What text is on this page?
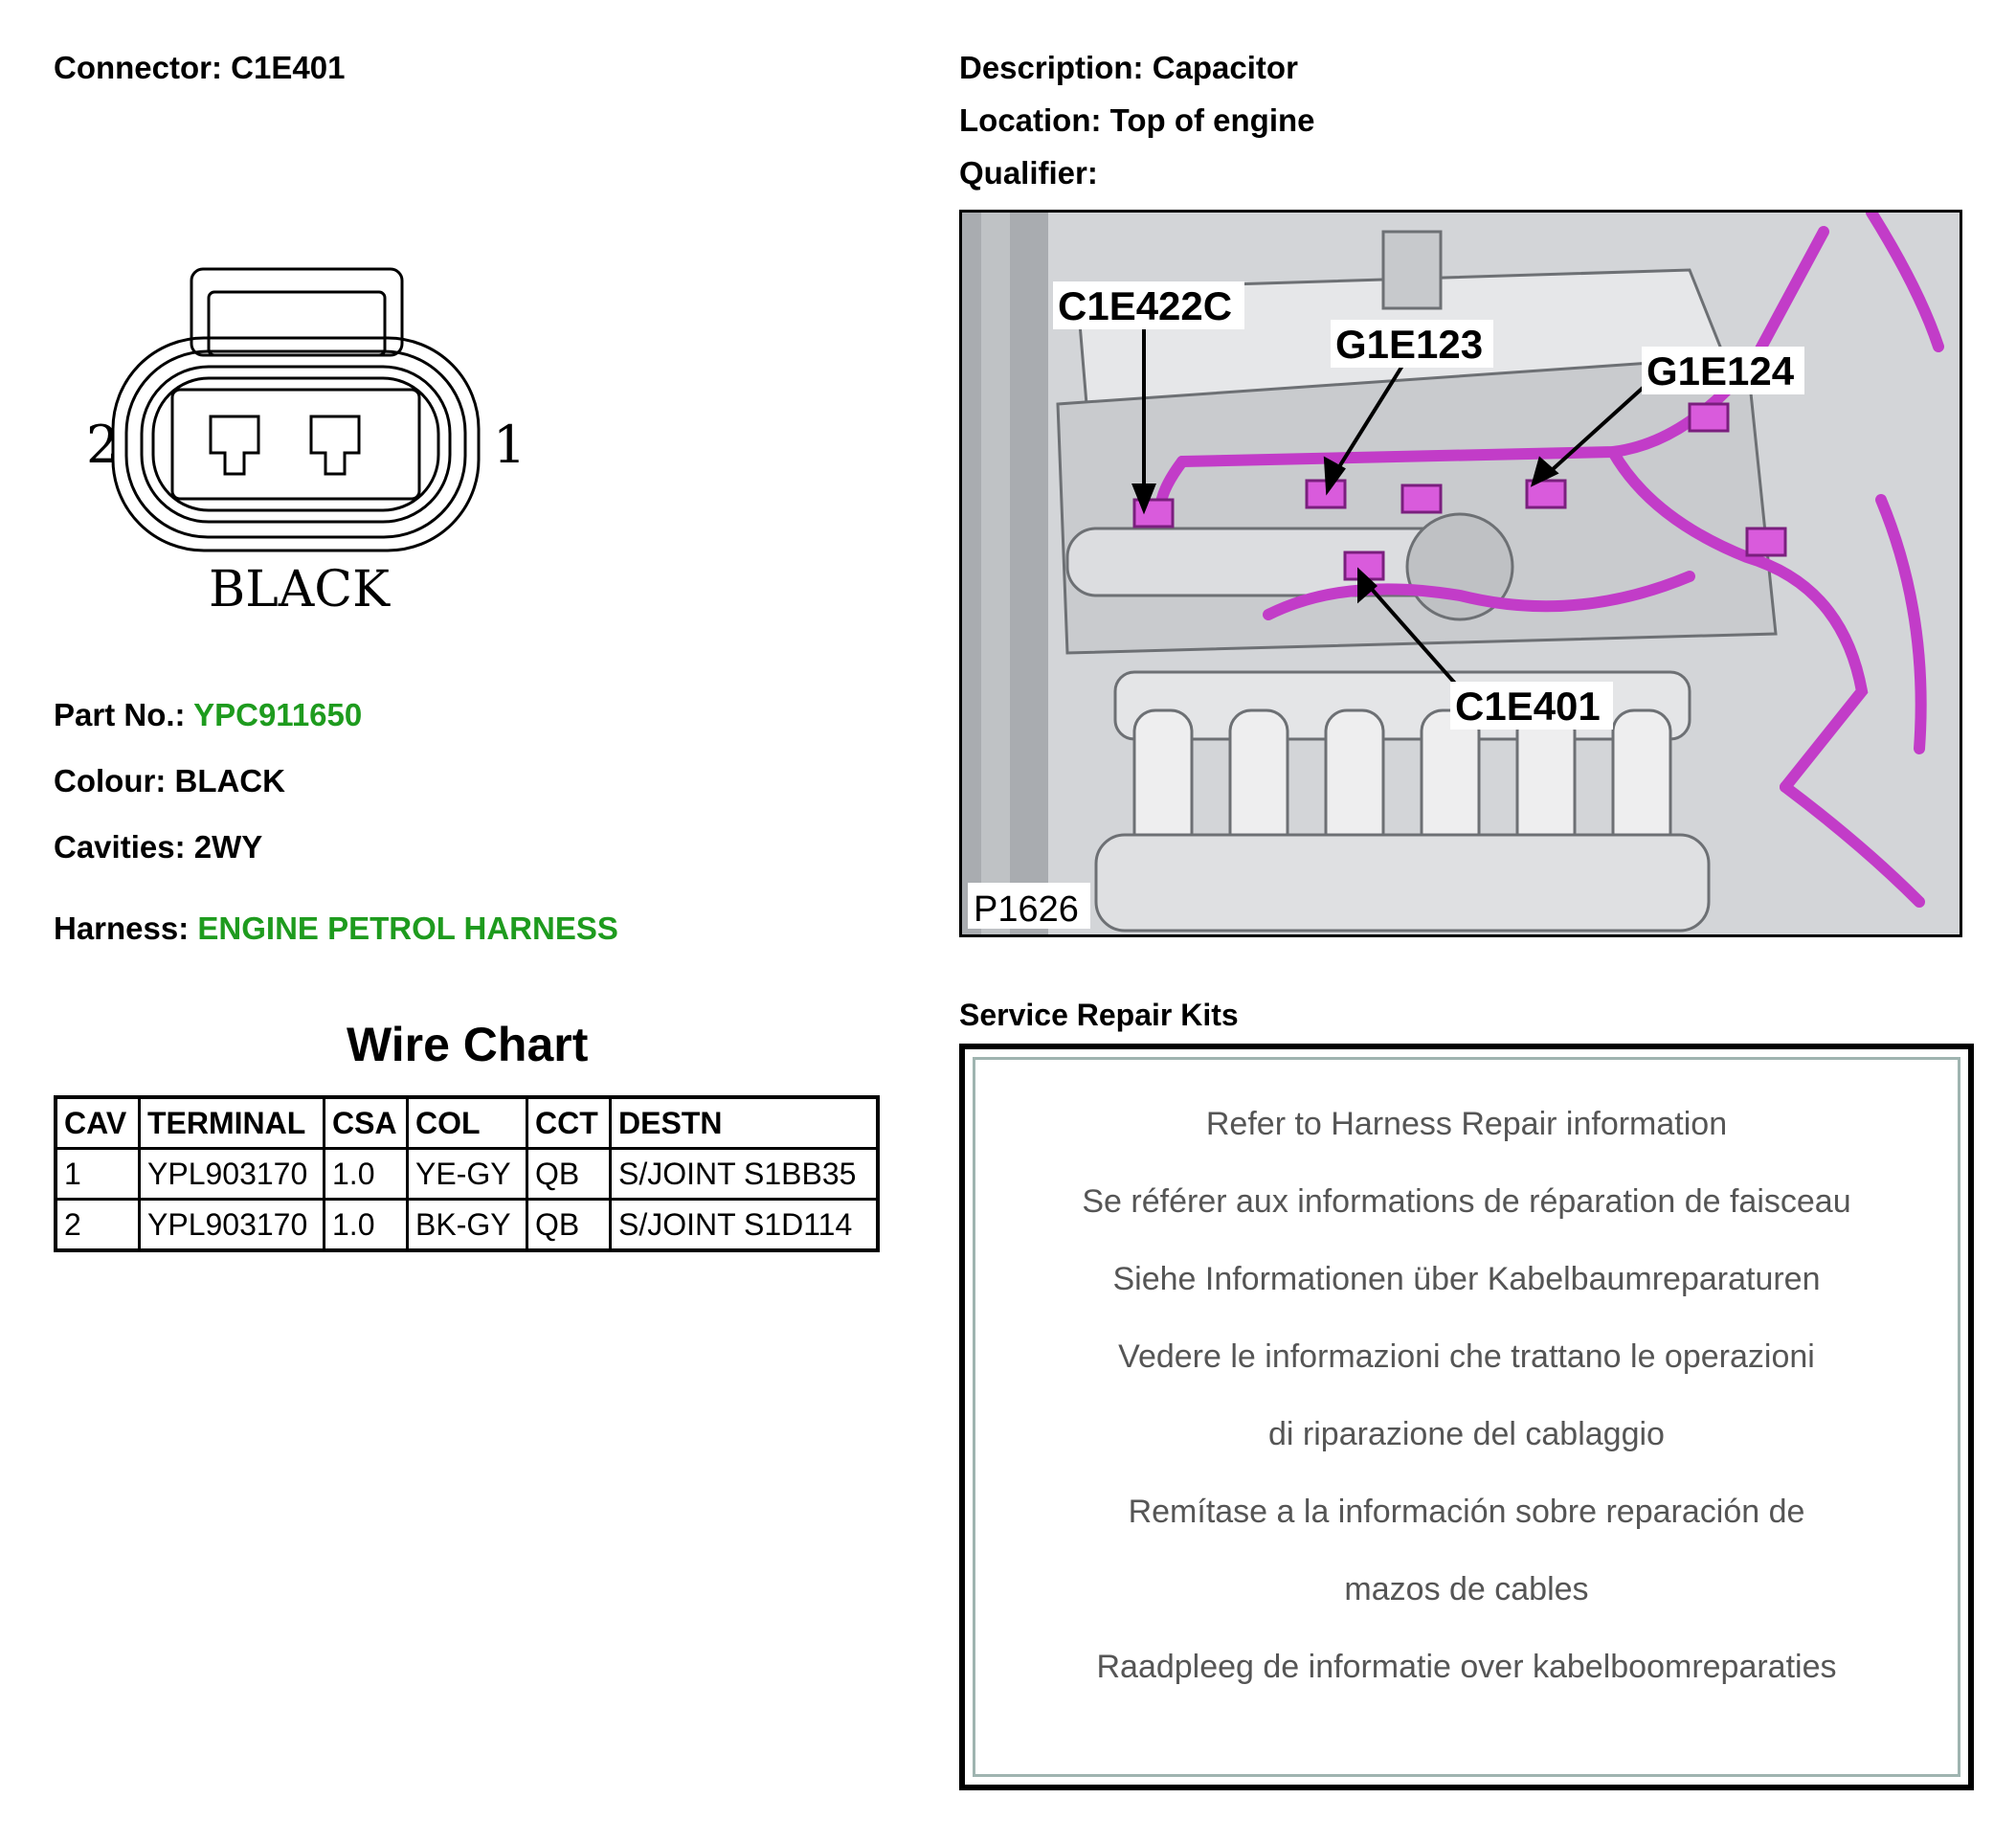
Connector: C1E401	Description: Capacitor
Location: Top of engine
Qualifier:
2	1
BLACK
Part No.: YPC911650
Colour: BLACK
Cavities: 2WY
Harness: ENGINE PETROL HARNESS
Wire Chart
CAV	TERMINAL	CSA	COL	CCT	DESTN
1	YPL903170	1.0	YE-GY	QB	S/JOINT S1BB35
2	YPL903170	1.0	BK-GY	QB	S/JOINT S1D114
C1E422C
G1E123
G1E124
C1E401
P1626
Service Repair Kits
Refer to Harness Repair information
Se référer aux informations de réparation de faisceau
Siehe Informationen über Kabelbaumreparaturen
Vedere le informazioni che trattano le operazioni
di riparazione del cablaggio
Remítase a la información sobre reparación de
mazos de cables
Raadpleeg de informatie over kabelboomreparaties
